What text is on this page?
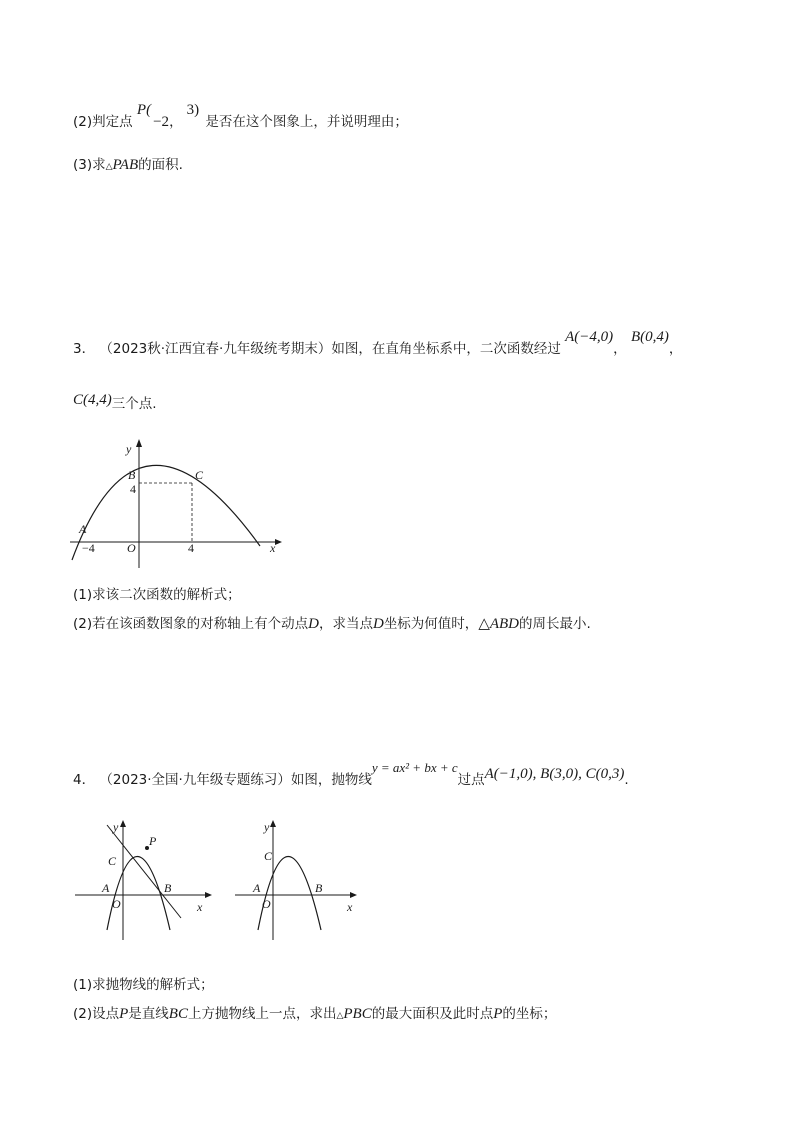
(2)判定点 P(−2，3) 是否在这个图象上，并说明理由；
(3)求△PAB的面积.
3． （2023秋·江西宜春·九年级统考期末）如图，在直角坐标系中，二次函数经过 A(−4,0)， B(0,4)，
C(4,4)三个点.
y
x
B
4
C
A
−4	O	4
(1)求该二次函数的解析式；
(2)若在该函数图象的对称轴上有个动点D，求当点D坐标为何值时，△ABD的周长最小.
4． （2023·全国·九年级专题练习）如图，抛物线y = ax² + bx + c过点A(−1,0), B(3,0), C(0,3).
y
x
C
P
A	B
O
y
x
C
A	B
O
(1)求抛物线的解析式；
(2)设点P是直线BC上方抛物线上一点，求出△PBC的最大面积及此时点P的坐标；
